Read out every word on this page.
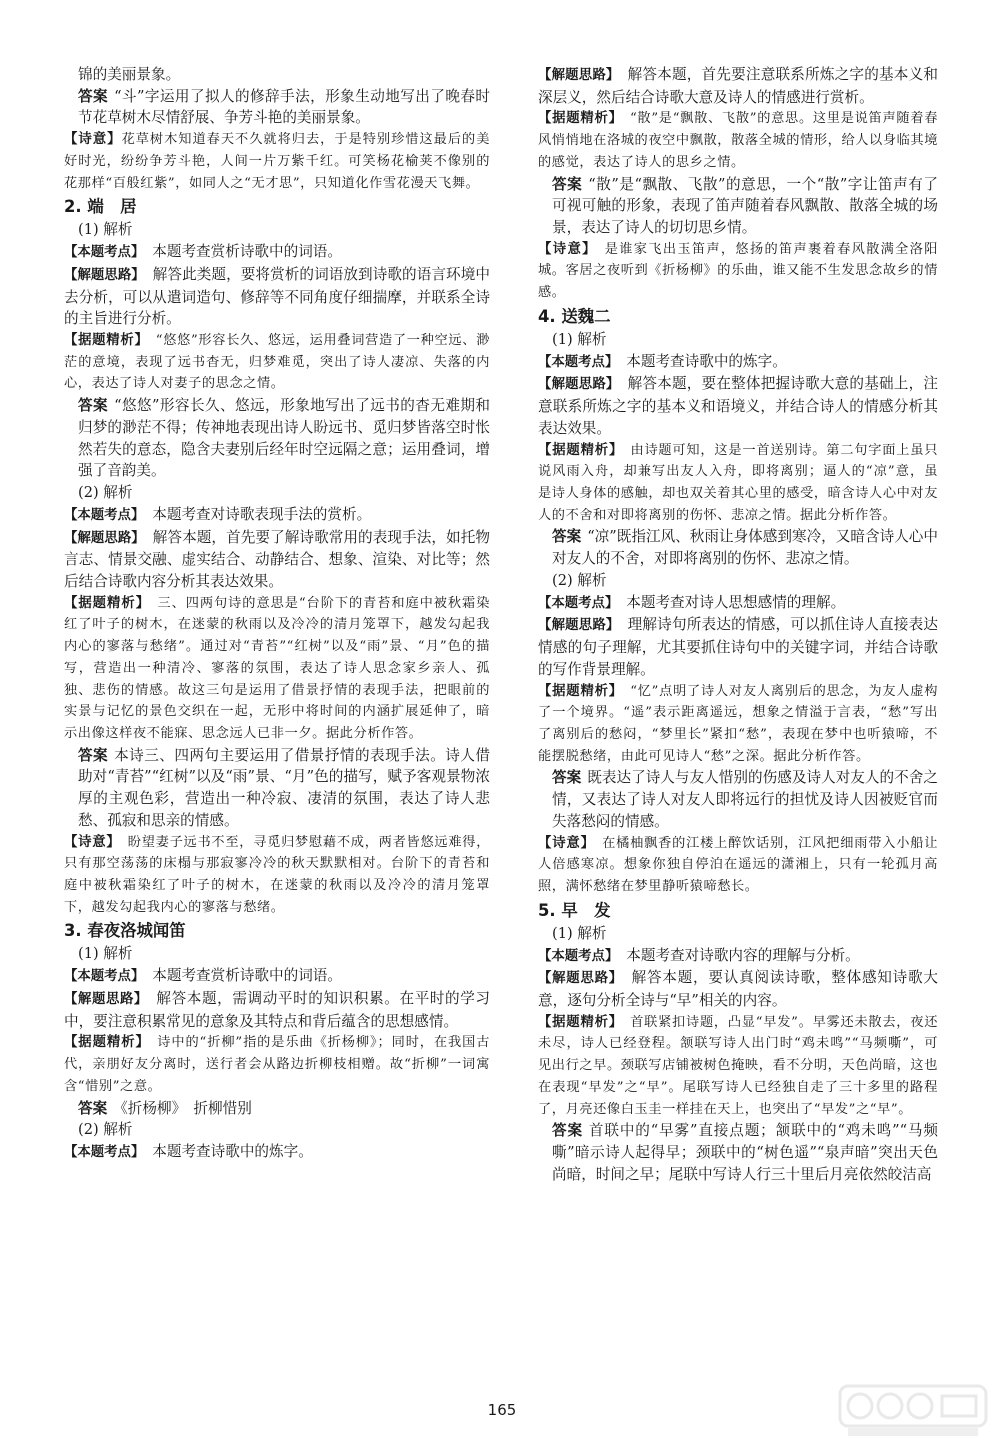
锦的美丽景象。

答案 “斗”字运用了拟人的修辞手法，形象生动地写出了晚春时节花草树木尽情舒展、争芳斗艳的美丽景象。

【诗意】花草树木知道春天不久就将归去，于是特别珍惜这最后的美好时光，纷纷争芳斗艳，人间一片万紫千红。可笑杨花榆荚不像别的花那样“百般红紫”，如同人之“无才思”，只知道化作雪花漫天飞舞。

2. 端　居
(1) 解析

【本题考点】　 本题考查赏析诗歌中的词语。

【解题思路】　 解答此类题，要将赏析的词语放到诗歌的语言环境中去分析，可以从遣词造句、修辞等不同角度仔细揣摩，并联系全诗的主旨进行分析。

【据题精析】　 “悠悠”形容长久、悠远，运用叠词营造了一种空远、渺茫的意境，表现了远书杳无，归梦难觅，突出了诗人凄凉、失落的内心，表达了诗人对妻子的思念之情。

答案 “悠悠”形容长久、悠远，形象地写出了远书的杳无难期和归梦的渺茫不得；传神地表现出诗人盼远书、觅归梦皆落空时怅然若失的意态，隐含夫妻别后经年时空远隔之意；运用叠词，增强了音韵美。

(2) 解析

【本题考点】　 本题考查对诗歌表现手法的赏析。

【解题思路】　 解答本题，首先要了解诗歌常用的表现手法，如托物言志、情景交融、虚实结合、动静结合、想象、渲染、对比等；然后结合诗歌内容分析其表达效果。

【据题精析】　 三、四两句诗的意思是“台阶下的青苔和庭中被秋霜染红了叶子的树木，在迷蒙的秋雨以及冷冷的清月笼罩下，越发勾起我内心的寥落与愁绪”。通过对“青苔”“红树”以及“雨”景、“月”色的描写，营造出一种清冷、寥落的氛围，表达了诗人思念家乡亲人、孤独、悲伤的情感。故这三句是运用了借景抒情的表现手法，把眼前的实景与记忆的景色交织在一起，无形中将时间的内涵扩展延伸了，暗示出像这样夜不能寐、思念远人已非一夕。据此分析作答。

答案 本诗三、四两句主要运用了借景抒情的表现手法。诗人借助对“青苔”“红树”以及“雨”景、“月”色的描写，赋予客观景物浓厚的主观色彩，营造出一种冷寂、凄清的氛围，表达了诗人悲愁、孤寂和思亲的情感。

【诗意】　 盼望妻子远书不至，寻觅归梦慰藉不成，两者皆悠远难得，只有那空荡荡的床榻与那寂寥冷冷的秋天默默相对。台阶下的青苔和庭中被秋霜染红了叶子的树木，在迷蒙的秋雨以及冷冷的清月笼罩下，越发勾起我内心的寥落与愁绪。

3. 春夜洛城闻笛
(1) 解析

【本题考点】　 本题考查赏析诗歌中的词语。

【解题思路】　 解答本题，需调动平时的知识积累。在平时的学习中，要注意积累常见的意象及其特点和背后蕴含的思想感情。

【据题精析】　 诗中的“折柳”指的是乐曲《折杨柳》；同时，在我国古代，亲朋好友分离时，送行者会从路边折柳枝相赠。故“折柳”一词寓含“惜别”之意。

答案 《折杨柳》　折柳惜别

(2) 解析

【本题考点】　 本题考查诗歌中的炼字。

【解题思路】　 解答本题，首先要注意联系所炼之字的基本义和深层义，然后结合诗歌大意及诗人的情感进行赏析。

【据题精析】　 “散”是“飘散、飞散”的意思。这里是说笛声随着春风悄悄地在洛城的夜空中飘散，散落全城的情形，给人以身临其境的感觉，表达了诗人的思乡之情。

答案 “散”是“飘散、飞散”的意思，一个“散”字让笛声有了可视可触的形象，表现了笛声随着春风飘散、散落全城的场景，表达了诗人的切切思乡情。

【诗意】　 是谁家飞出玉笛声，悠扬的笛声裹着春风散满全洛阳城。客居之夜听到《折杨柳》的乐曲，谁又能不生发思念故乡的情感。

4. 送魏二
(1) 解析

【本题考点】　 本题考查诗歌中的炼字。

【解题思路】　 解答本题，要在整体把握诗歌大意的基础上，注意联系所炼之字的基本义和语境义，并结合诗人的情感分析其表达效果。

【据题精析】　 由诗题可知，这是一首送别诗。第二句字面上虽只说风雨入舟，却兼写出友人入舟，即将离别；逼人的“凉”意，虽是诗人身体的感触，却也双关着其心里的感受，暗含诗人心中对友人的不舍和对即将离别的伤怀、悲凉之情。据此分析作答。

答案 “凉”既指江风、秋雨让身体感到寒冷，又暗含诗人心中对友人的不舍，对即将离别的伤怀、悲凉之情。

(2) 解析

【本题考点】　 本题考查对诗人思想感情的理解。

【解题思路】　 理解诗句所表达的情感，可以抓住诗人直接表达情感的句子理解，尤其要抓住诗句中的关键字词，并结合诗歌的写作背景理解。

【据题精析】　 “忆”点明了诗人对友人离别后的思念，为友人虚构了一个境界。“遥”表示距离遥远，想象之情溢于言表，“愁”写出了离别后的愁闷，“梦里长”紧扣“愁”，表现在梦中也听猿啼，不能摆脱愁绪，由此可见诗人“愁”之深。据此分析作答。

答案 既表达了诗人与友人惜别的伤感及诗人对友人的不舍之情，又表达了诗人对友人即将远行的担忧及诗人因被贬官而失落愁闷的情感。

【诗意】　 在橘柚飘香的江楼上醉饮话别，江风把细雨带入小船让人倍感寒凉。想象你独自停泊在遥远的潇湘上，只有一轮孤月高照，满怀愁绪在梦里静听猿啼愁长。

5. 早　发
(1) 解析

【本题考点】　 本题考查对诗歌内容的理解与分析。

【解题思路】　 解答本题，要认真阅读诗歌，整体感知诗歌大意，逐句分析全诗与“早”相关的内容。

【据题精析】　 首联紧扣诗题，凸显“早发”。早雾还未散去，夜还未尽，诗人已经登程。颔联写诗人出门时“鸡未鸣”“马频嘶”，可见出行之早。颈联写店铺被树色掩映，看不分明，天色尚暗，这也在表现“早发”之“早”。尾联写诗人已经独自走了三十多里的路程了，月亮还像白玉圭一样挂在天上，也突出了“早发”之“早”。

答案 首联中的“早雾”直接点题；颔联中的“鸡未鸣”“马频嘶”暗示诗人起得早；颈联中的“树色遥”“泉声暗”突出天色尚暗，时间之早；尾联中写诗人行三十里后月亮依然皎洁高

165
